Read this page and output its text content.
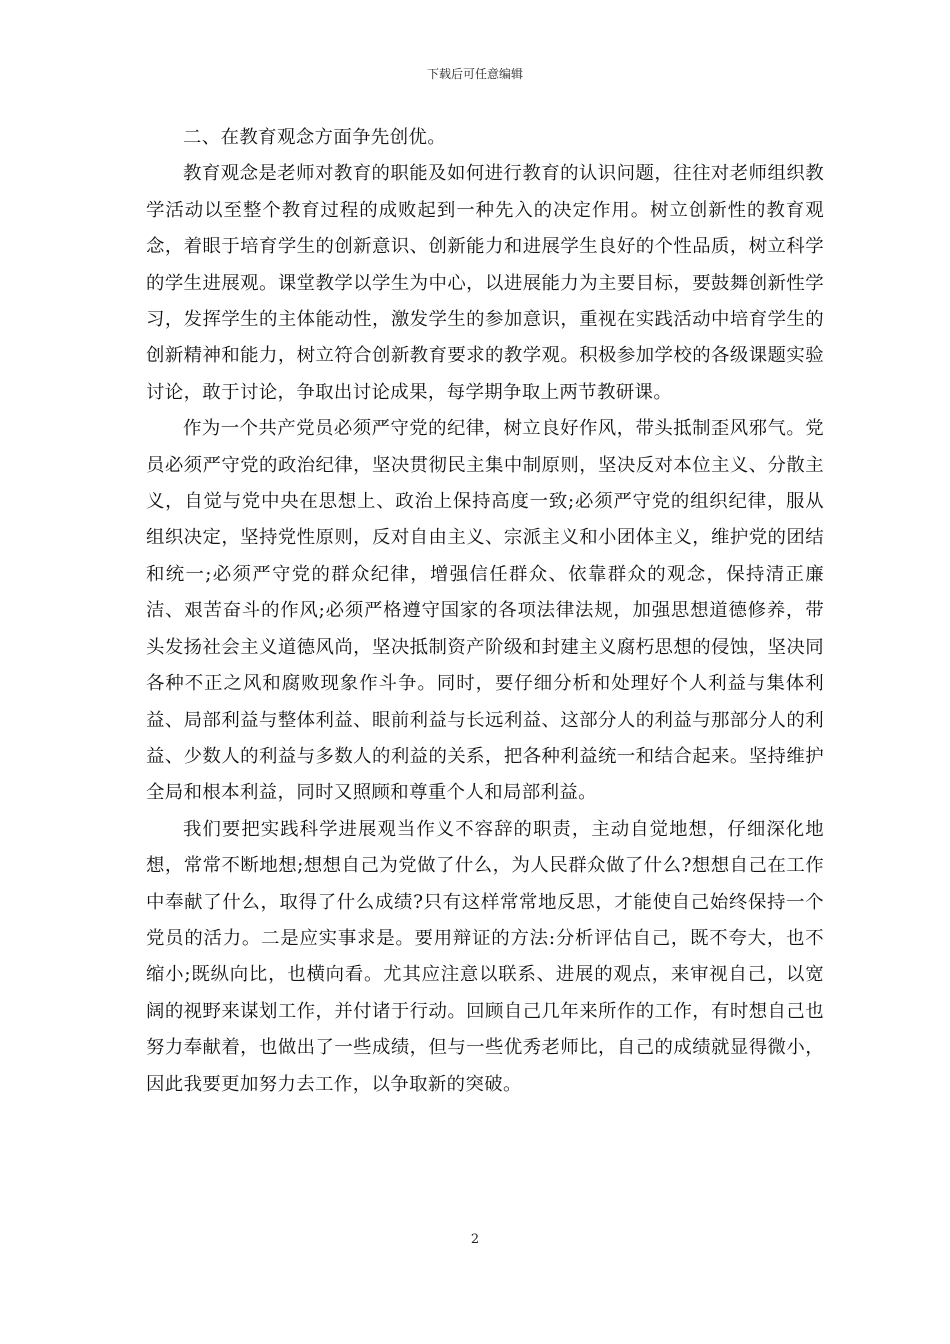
下载后可任意编辑

二、在教育观念方面争先创优。

教育观念是老师对教育的职能及如何进行教育的认识问题，往往对老师组织教学活动以至整个教育过程的成败起到一种先入的决定作用。树立创新性的教育观念，着眼于培育学生的创新意识、创新能力和进展学生良好的个性品质，树立科学的学生进展观。课堂教学以学生为中心，以进展能力为主要目标，要鼓舞创新性学习，发挥学生的主体能动性，激发学生的参加意识，重视在实践活动中培育学生的创新精神和能力，树立符合创新教育要求的教学观。积极参加学校的各级课题实验讨论，敢于讨论，争取出讨论成果，每学期争取上两节教研课。

作为一个共产党员必须严守党的纪律，树立良好作风，带头抵制歪风邪气。党员必须严守党的政治纪律，坚决贯彻民主集中制原则，坚决反对本位主义、分散主义，自觉与党中央在思想上、政治上保持高度一致;必须严守党的组织纪律，服从组织决定，坚持党性原则，反对自由主义、宗派主义和小团体主义，维护党的团结和统一;必须严守党的群众纪律，增强信任群众、依靠群众的观念，保持清正廉洁、艰苦奋斗的作风;必须严格遵守国家的各项法律法规，加强思想道德修养，带头发扬社会主义道德风尚，坚决抵制资产阶级和封建主义腐朽思想的侵蚀，坚决同各种不正之风和腐败现象作斗争。同时，要仔细分析和处理好个人利益与集体利益、局部利益与整体利益、眼前利益与长远利益、这部分人的利益与那部分人的利益、少数人的利益与多数人的利益的关系，把各种利益统一和结合起来。坚持维护全局和根本利益，同时又照顾和尊重个人和局部利益。

我们要把实践科学进展观当作义不容辞的职责，主动自觉地想，仔细深化地想，常常不断地想;想想自己为党做了什么，为人民群众做了什么?想想自己在工作中奉献了什么，取得了什么成绩?只有这样常常地反思，才能使自己始终保持一个党员的活力。二是应实事求是。要用辩证的方法:分析评估自己，既不夸大，也不缩小;既纵向比，也横向看。尤其应注意以联系、进展的观点，来审视自己，以宽阔的视野来谋划工作，并付诸于行动。回顾自己几年来所作的工作，有时想自己也努力奉献着，也做出了一些成绩，但与一些优秀老师比，自己的成绩就显得微小，因此我要更加努力去工作，以争取新的突破。

2
